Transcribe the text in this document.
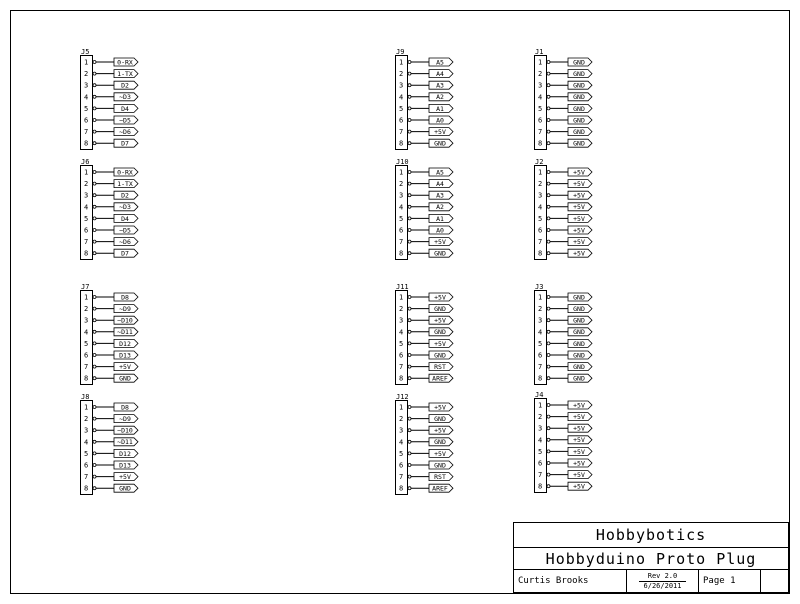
J5
1	0-RX
2	1-TX
3	D2
4	~D3
5	D4
6	~D5
7	~D6
8	D7
J6
1	0-RX
2	1-TX
3	D2
4	~D3
5	D4
6	~D5
7	~D6
8	D7
J7
1	D8
2	~D9
3	~D10
4	~D11
5	D12
6	D13
7	+5V
8	GND
J8
1	D8
2	~D9
3	~D10
4	~D11
5	D12
6	D13
7	+5V
8	GND
J9
1	A5
2	A4
3	A3
4	A2
5	A1
6	A0
7	+5V
8	GND
J10
1	A5
2	A4
3	A3
4	A2
5	A1
6	A0
7	+5V
8	GND
J11
1	+5V
2	GND
3	+5V
4	GND
5	+5V
6	GND
7	RST
8	AREF
J12
1	+5V
2	GND
3	+5V
4	GND
5	+5V
6	GND
7	RST
8	AREF
J1
1	GND
2	GND
3	GND
4	GND
5	GND
6	GND
7	GND
8	GND
J2
1	+5V
2	+5V
3	+5V
4	+5V
5	+5V
6	+5V
7	+5V
8	+5V
J3
1	GND
2	GND
3	GND
4	GND
5	GND
6	GND
7	GND
8	GND
J4
1	+5V
2	+5V
3	+5V
4	+5V
5	+5V
6	+5V
7	+5V
8	+5V
Hobbybotics
Hobbyduino Proto Plug
Curtis Brooks	Rev 2.0
6/26/2011	Page 1
